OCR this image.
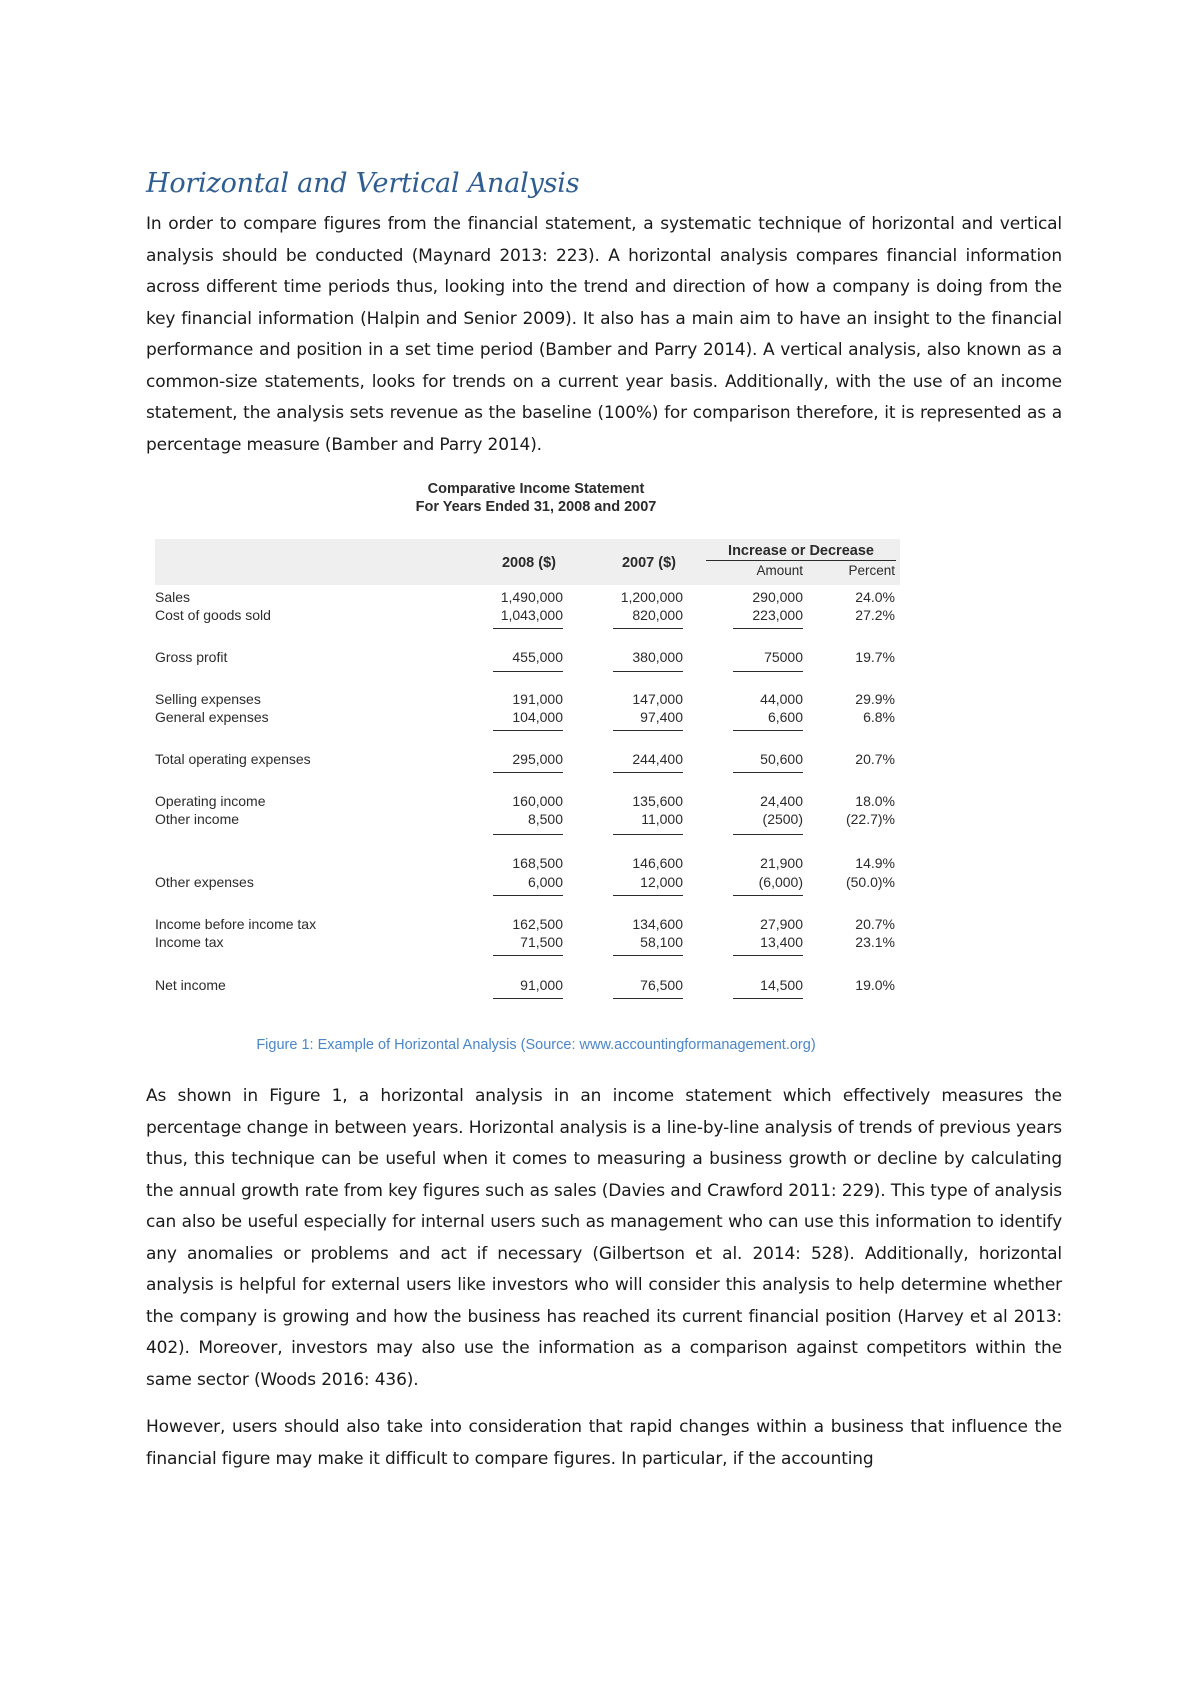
Horizontal and Vertical Analysis

In order to compare figures from the financial statement, a systematic technique of horizontal and vertical analysis should be conducted (Maynard 2013: 223). A horizontal analysis compares financial information across different time periods thus, looking into the trend and direction of how a company is doing from the key financial information (Halpin and Senior 2009). It also has a main aim to have an insight to the financial performance and position in a set time period (Bamber and Parry 2014). A vertical analysis, also known as a common-size statements, looks for trends on a current year basis. Additionally, with the use of an income statement, the analysis sets revenue as the baseline (100%) for comparison therefore, it is represented as a percentage measure (Bamber and Parry 2014).

Comparative Income Statement
For Years Ended 31, 2008 and 2007
2008 ($)	2007 ($)
Increase or Decrease
Amount	Percent
Sales	1,490,000	1,200,000	290,000	24.0%
Cost of goods sold	1,043,000	820,000	223,000	27.2%
Gross profit	455,000	380,000	75000	19.7%
Selling expenses	191,000	147,000	44,000	29.9%
General expenses	104,000	97,400	6,600	6.8%
Total operating expenses	295,000	244,400	50,600	20.7%
Operating income	160,000	135,600	24,400	18.0%
Other income	8,500	11,000	(2500)	(22.7)%
168,500	146,600	21,900	14.9%
Other expenses	6,000	12,000	(6,000)	(50.0)%
Income before income tax	162,500	134,600	27,900	20.7%
Income tax	71,500	58,100	13,400	23.1%
Net income	91,000	76,500	14,500	19.0%
Figure 1: Example of Horizontal Analysis (Source: www.accountingformanagement.org)

As shown in Figure 1, a horizontal analysis in an income statement which effectively measures the percentage change in between years. Horizontal analysis is a line-by-line analysis of trends of previous years thus, this technique can be useful when it comes to measuring a business growth or decline by calculating the annual growth rate from key figures such as sales (Davies and Crawford 2011: 229). This type of analysis can also be useful especially for internal users such as management who can use this information to identify any anomalies or problems and act if necessary (Gilbertson et al. 2014: 528). Additionally, horizontal analysis is helpful for external users like investors who will consider this analysis to help determine whether the company is growing and how the business has reached its current financial position (Harvey et al 2013: 402). Moreover, investors may also use the information as a comparison against competitors within the same sector (Woods 2016: 436).

However, users should also take into consideration that rapid changes within a business that influence the financial figure may make it difficult to compare figures. In particular, if the accounting
